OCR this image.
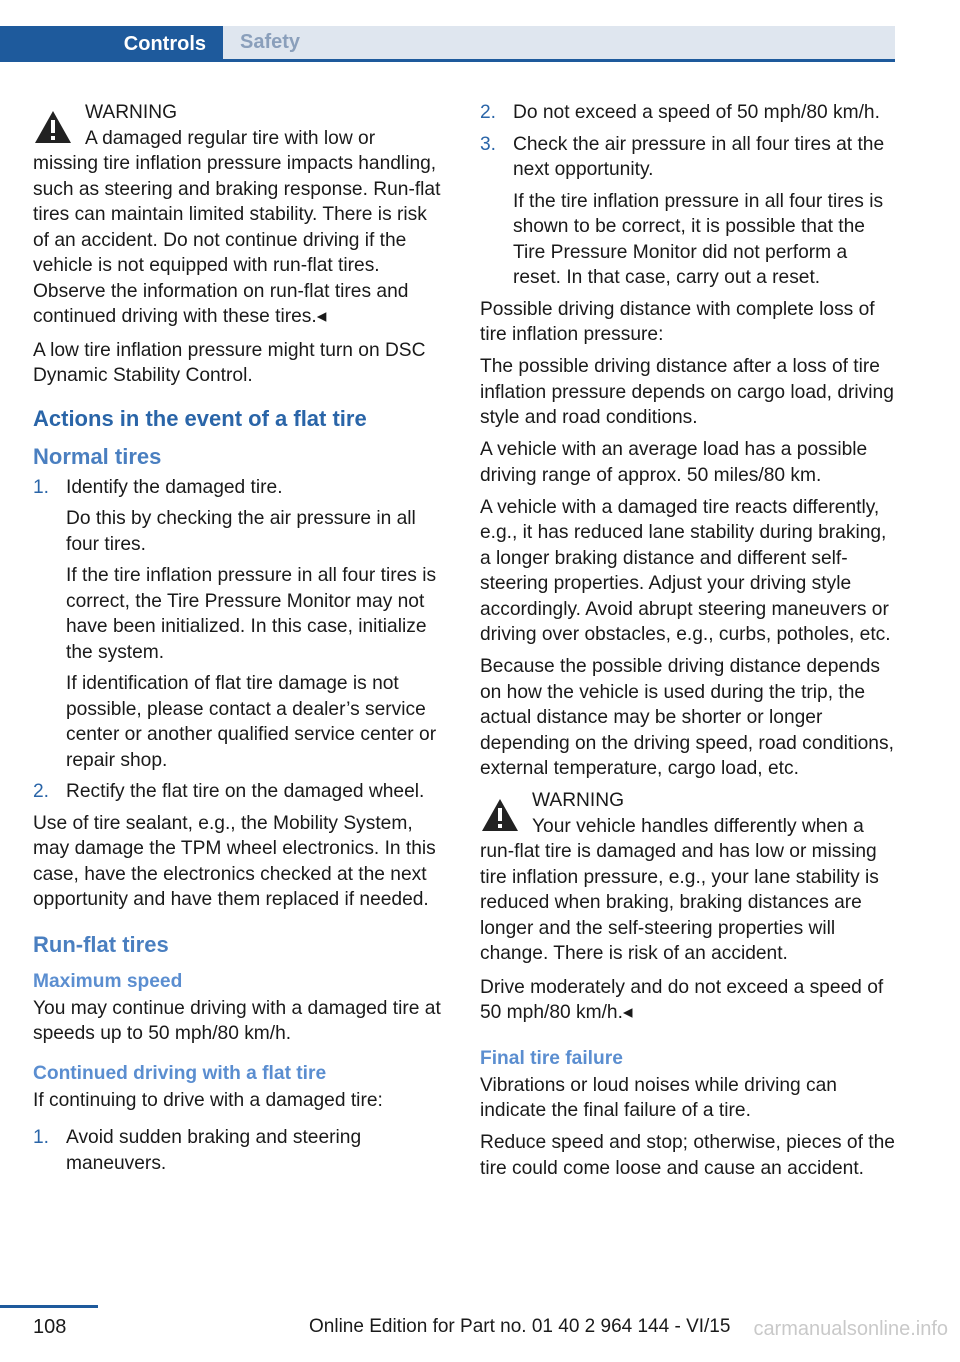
Controls	Safety
WARNING
A damaged regular tire with low or missing tire inflation pressure impacts handling, such as steering and braking response. Run-flat tires can maintain limited stability. There is risk of an accident. Do not continue driving if the vehicle is not equipped with run-flat tires. Observe the information on run-flat tires and continued driving with these tires.◂

A low tire inflation pressure might turn on DSC Dynamic Stability Control.

Actions in the event of a flat tire
Normal tires
1. Identify the damaged tire.

Do this by checking the air pressure in all four tires.

If the tire inflation pressure in all four tires is correct, the Tire Pressure Monitor may not have been initialized. In this case, initialize the system.

If identification of flat tire damage is not possible, please contact a dealer’s service center or another qualified service center or repair shop.

2. Rectify the flat tire on the damaged wheel.

Use of tire sealant, e.g., the Mobility System, may damage the TPM wheel electronics. In this case, have the electronics checked at the next opportunity and have them replaced if needed.

Run-flat tires
Maximum speed

You may continue driving with a damaged tire at speeds up to 50 mph/80 km/h.

Continued driving with a flat tire

If continuing to drive with a damaged tire:

1. Avoid sudden braking and steering maneuvers.

2. Do not exceed a speed of 50 mph/80 km/h.

3. Check the air pressure in all four tires at the next opportunity.

If the tire inflation pressure in all four tires is shown to be correct, it is possible that the Tire Pressure Monitor did not perform a reset. In that case, carry out a reset.

Possible driving distance with complete loss of tire inflation pressure:

The possible driving distance after a loss of tire inflation pressure depends on cargo load, driving style and road conditions.

A vehicle with an average load has a possible driving range of approx. 50 miles/80 km.

A vehicle with a damaged tire reacts differently, e.g., it has reduced lane stability during braking, a longer braking distance and different self-steering properties. Adjust your driving style accordingly. Avoid abrupt steering maneuvers or driving over obstacles, e.g., curbs, potholes, etc.

Because the possible driving distance depends on how the vehicle is used during the trip, the actual distance may be shorter or longer depending on the driving speed, road conditions, external temperature, cargo load, etc.

WARNING
Your vehicle handles differently when a run-flat tire is damaged and has low or missing tire inflation pressure, e.g., your lane stability is reduced when braking, braking distances are longer and the self-steering properties will change. There is risk of an accident.

Drive moderately and do not exceed a speed of 50 mph/80 km/h.◂

Final tire failure

Vibrations or loud noises while driving can indicate the final failure of a tire.

Reduce speed and stop; otherwise, pieces of the tire could come loose and cause an accident.

108	Online Edition for Part no. 01 40 2 964 144 - VI/15 carmanualsonline.info
